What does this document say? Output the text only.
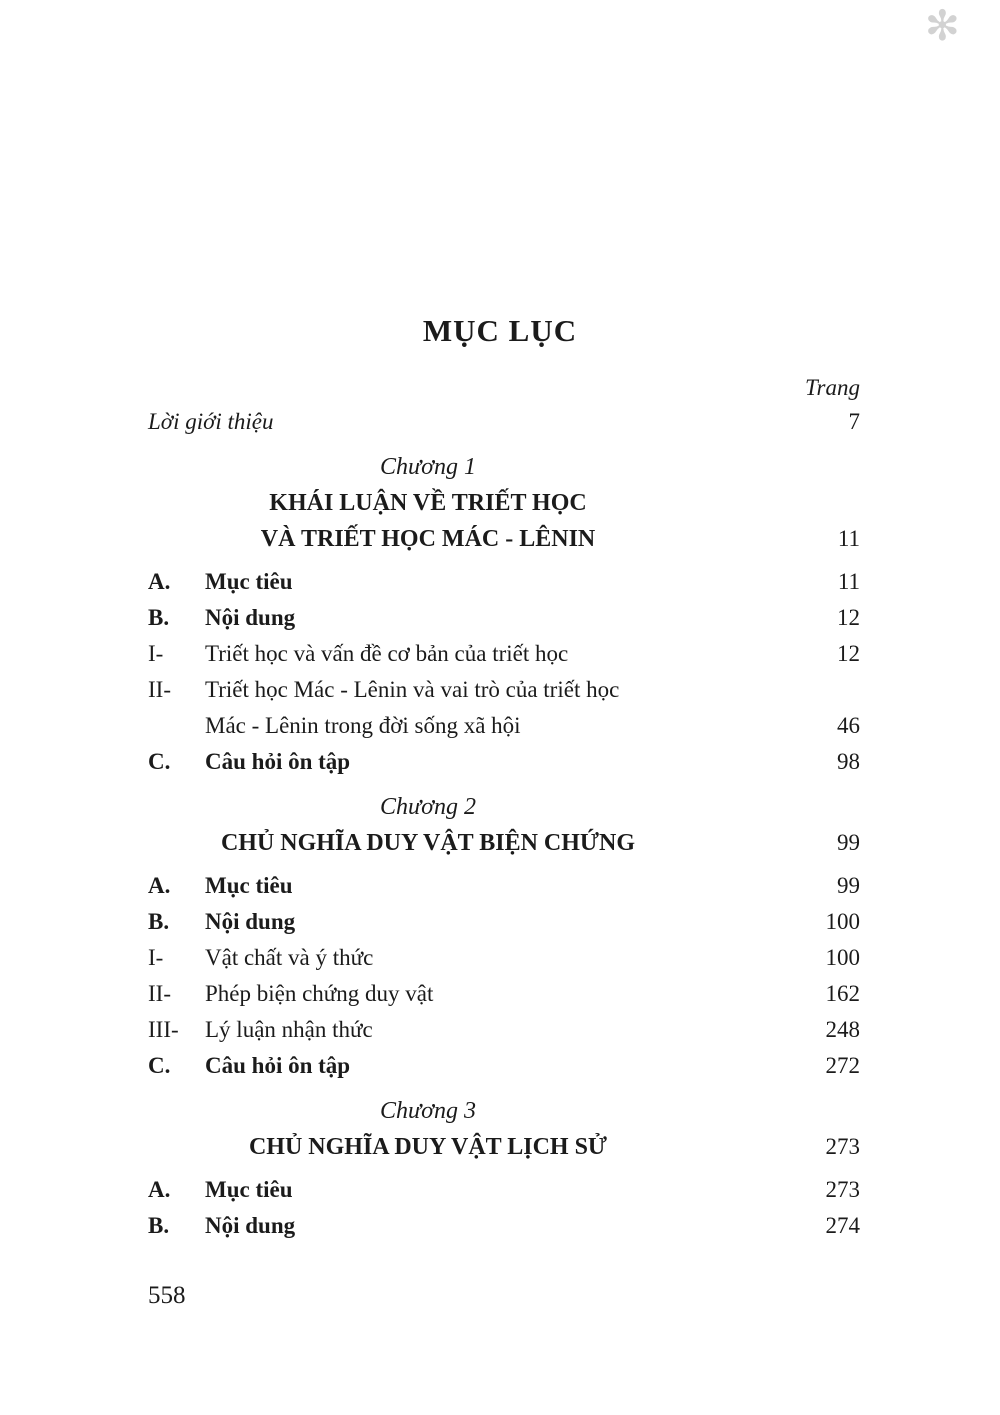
✻
MỤC LỤC
Trang
Lời giới thiệu	7
Chương 1
KHÁI LUẬN VỀ TRIẾT HỌC
VÀ TRIẾT HỌC MÁC - LÊNIN	11
A.	Mục tiêu	11
B.	Nội dung	12
I-	Triết học và vấn đề cơ bản của triết học	12
II-	Triết học Mác - Lênin và vai trò của triết học
Mác - Lênin trong đời sống xã hội	46
C.	Câu hỏi ôn tập	98
Chương 2
CHỦ NGHĨA DUY VẬT BIỆN CHỨNG	99
A.	Mục tiêu	99
B.	Nội dung	100
I-	Vật chất và ý thức	100
II-	Phép biện chứng duy vật	162
III-	Lý luận nhận thức	248
C.	Câu hỏi ôn tập	272
Chương 3
CHỦ NGHĨA DUY VẬT LỊCH SỬ	273
A.	Mục tiêu	273
B.	Nội dung	274
558
